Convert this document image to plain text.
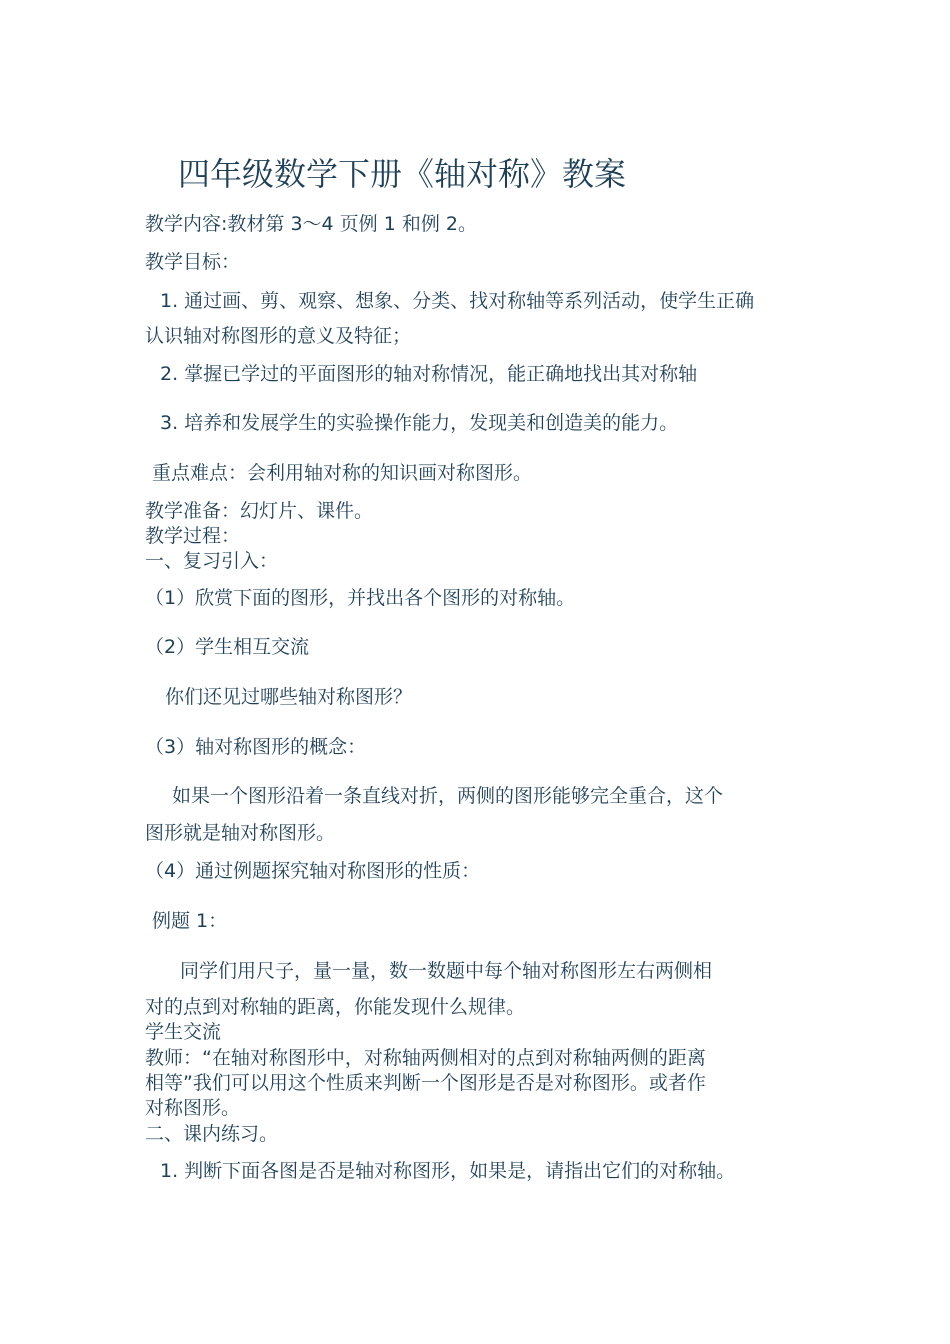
四年级数学下册《轴对称》教案
教学内容:教材第 3～4 页例 1 和例 2。
教学目标：
1. 通过画、剪、观察、想象、分类、找对称轴等系列活动，使学生正确
认识轴对称图形的意义及特征；
2. 掌握已学过的平面图形的轴对称情况，能正确地找出其对称轴
3. 培养和发展学生的实验操作能力，发现美和创造美的能力。
重点难点：会利用轴对称的知识画对称图形。
教学准备：幻灯片、课件。
教学过程：
一、复习引入：
（1）欣赏下面的图形，并找出各个图形的对称轴。
（2）学生相互交流
你们还见过哪些轴对称图形？
（3）轴对称图形的概念：
如果一个图形沿着一条直线对折，两侧的图形能够完全重合，这个
图形就是轴对称图形。
（4）通过例题探究轴对称图形的性质：
例题 1：
同学们用尺子，量一量，数一数题中每个轴对称图形左右两侧相
对的点到对称轴的距离，你能发现什么规律。
学生交流
教师：“在轴对称图形中，对称轴两侧相对的点到对称轴两侧的距离
相等”我们可以用这个性质来判断一个图形是否是对称图形。或者作
对称图形。
二、课内练习。
1. 判断下面各图是否是轴对称图形，如果是，请指出它们的对称轴。
